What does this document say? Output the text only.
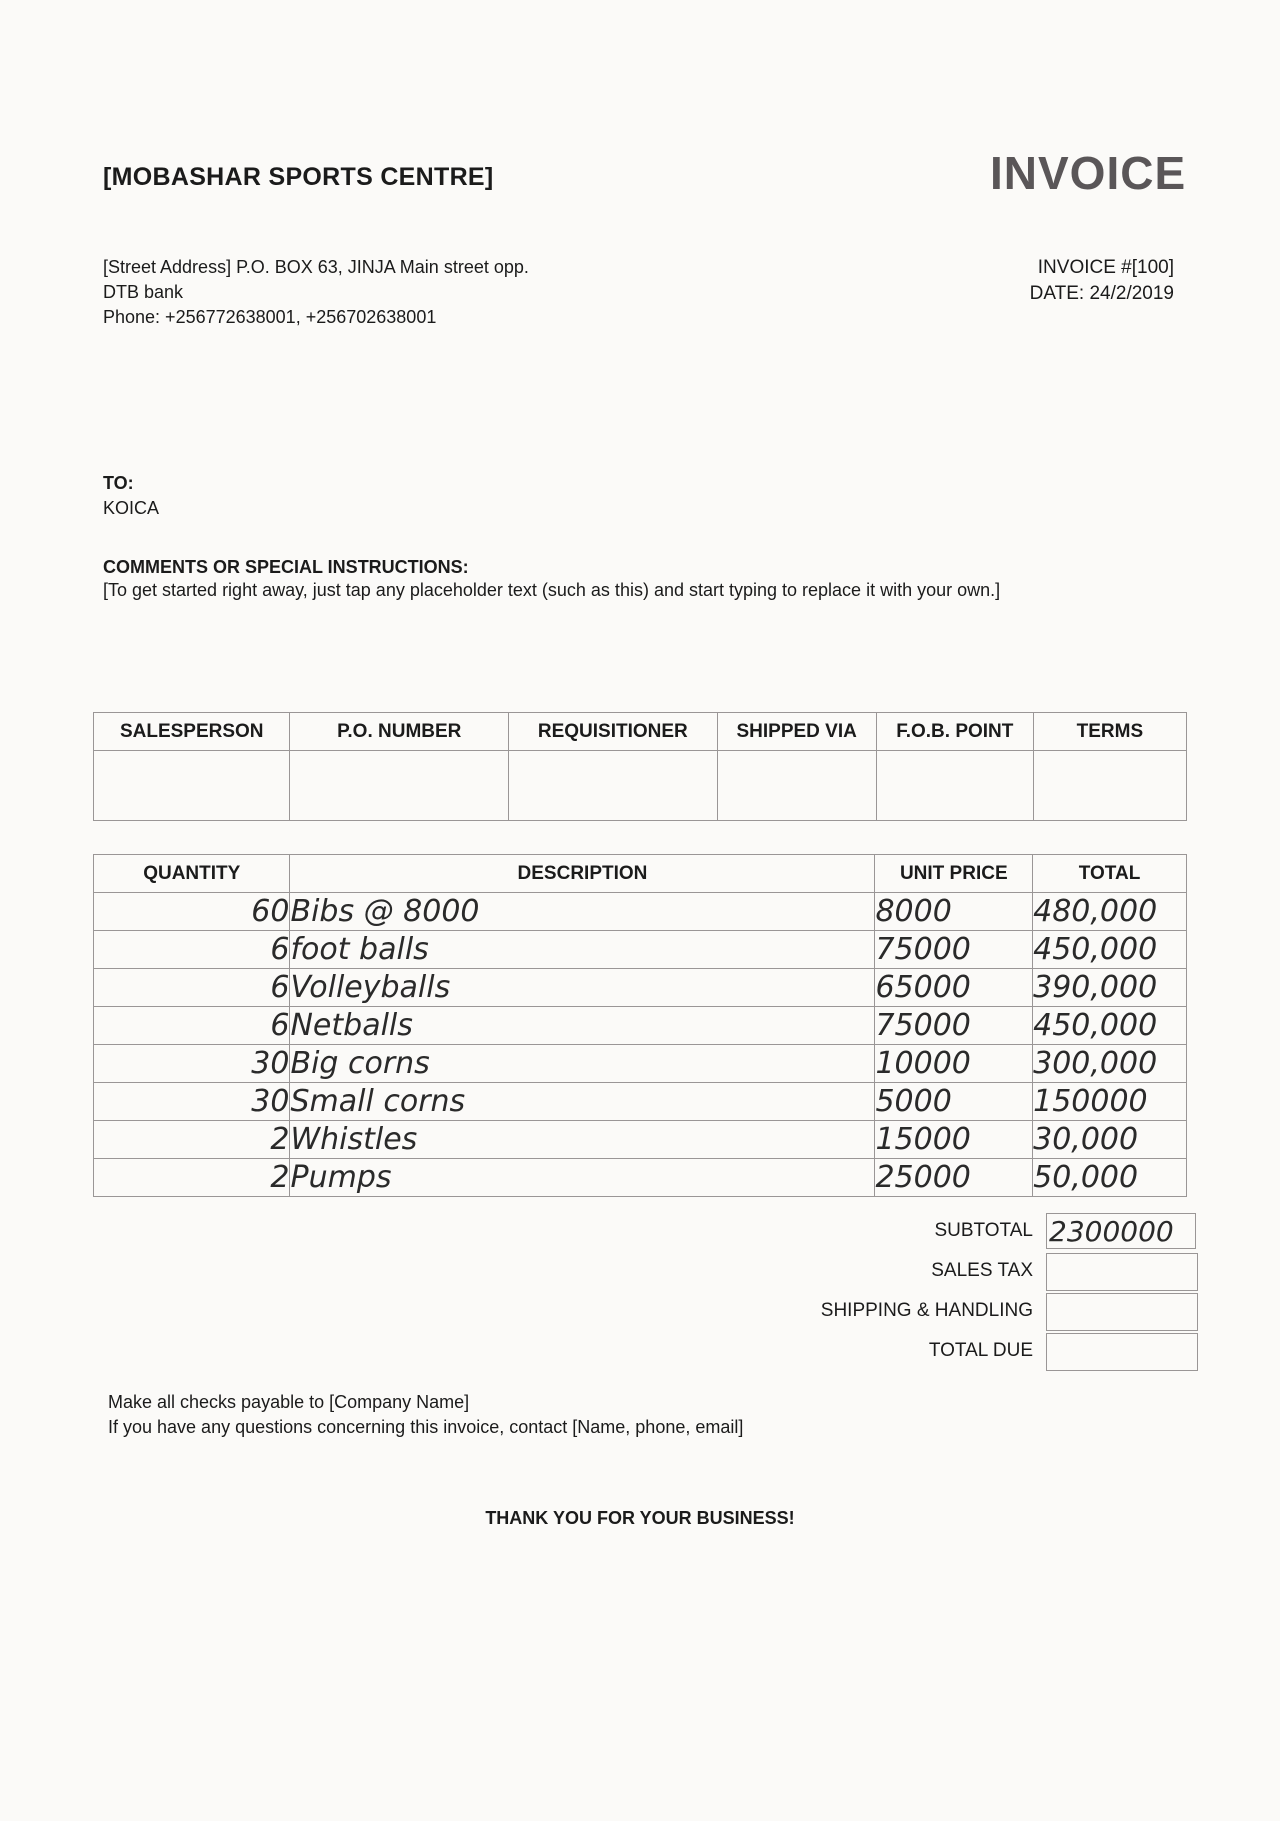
[MOBASHAR SPORTS CENTRE]	INVOICE
[Street Address] P.O. BOX 63, JINJA Main street opp.
DTB bank
Phone: +256772638001, +256702638001
INVOICE #[100]
DATE: 24/2/2019
TO:
KOICA
COMMENTS OR SPECIAL INSTRUCTIONS:
[To get started right away, just tap any placeholder text (such as this) and start typing to replace it with your own.]
SALESPERSON	P.O. NUMBER	REQUISITIONER	SHIPPED VIA	F.O.B. POINT	TERMS

QUANTITY	DESCRIPTION	UNIT PRICE	TOTAL
60	Bibs @ 8000	8000	480,000
6	foot balls	75000	450,000
6	Volleyballs	65000	390,000
6	Netballs	75000	450,000
30	Big corns	10000	300,000
30	Small corns	5000	150000
2	Whistles	15000	30,000
2	Pumps	25000	50,000
SUBTOTAL 2300000
SALES TAX
SHIPPING & HANDLING
TOTAL DUE
Make all checks payable to [Company Name]
If you have any questions concerning this invoice, contact [Name, phone, email]
THANK YOU FOR YOUR BUSINESS!
